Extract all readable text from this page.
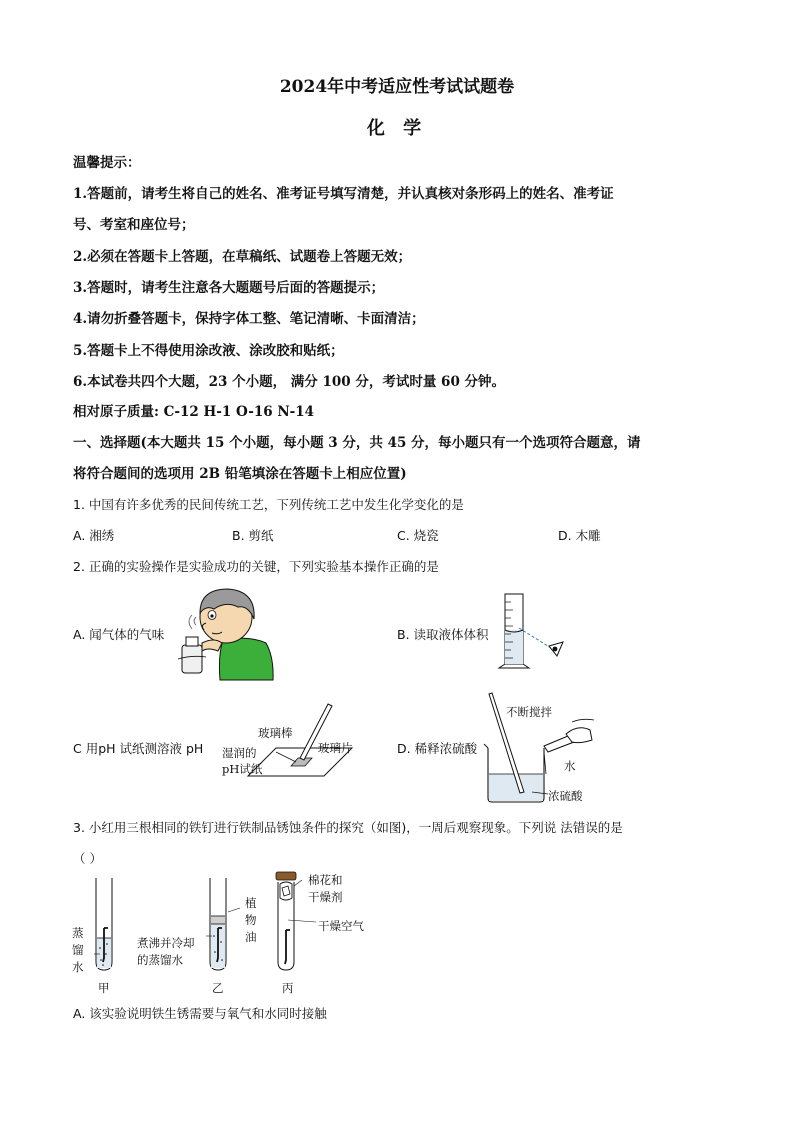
2024年中考适应性考试试题卷
化 学
温馨提示：
1.答题前，请考生将自己的姓名、准考证号填写清楚，并认真核对条形码上的姓名、准考证
号、考室和座位号；
2.必须在答题卡上答题，在草稿纸、试题卷上答题无效；
3.答题时，请考生注意各大题题号后面的答题提示；
4.请勿折叠答题卡，保持字体工整、笔记清晰、卡面清洁；
5.答题卡上不得使用涂改液、涂改胶和贴纸；
6.本试卷共四个大题，23 个小题， 满分 100 分，考试时量 60 分钟。
相对原子质量: C-12 H-1 O-16 N-14
一、选择题(本大题共 15 个小题，每小题 3 分，共 45 分，每小题只有一个选项符合题意，请
将符合题间的选项用 2B 铅笔填涂在答题卡上相应位置)
1. 中国有许多优秀的民间传统工艺，下列传统工艺中发生化学变化的是
A. 湘绣	B. 剪纸	C. 烧瓷	D. 木雕
2. 正确的实验操作是实验成功的关键，下列实验基本操作正确的是
A. 闻气体的气味	B. 读取液体体积
C 用pH 试纸测溶液 pH	D. 稀释浓硫酸
玻璃棒
湿润的
pH试纸
玻璃片
不断搅拌
水
浓硫酸
3. 小红用三根相同的铁钉进行铁制品锈蚀条件的探究（如图)，一周后观察现象。下列说 法错误的是
（ ）
蒸
馏
水
煮沸并冷却
的蒸馏水
植
物
油
棉花和
干燥剂
干燥空气
甲	乙	丙
A. 该实验说明铁生锈需要与氧气和水同时接触
